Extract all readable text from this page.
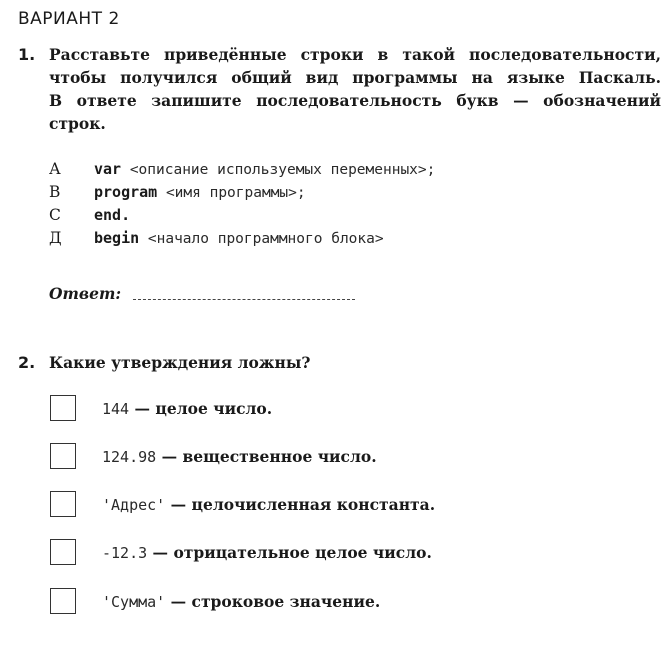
ВАРИАНТ 2
1. Расставьте приведённые строки в такой последовательности,
чтобы получился общий вид программы на языке Паскаль.
В ответе запишите последовательность букв — обозначений
строк.
А var <описание используемых переменных>;
В program <имя программы>;
С end.
Д begin <начало программного блока>
Ответ:
2. Какие утверждения ложны?
144 — целое число.
124.98 — вещественное число.
'Адрес' — целочисленная константа.
-12.3 — отрицательное целое число.
'Сумма' — строковое значение.
